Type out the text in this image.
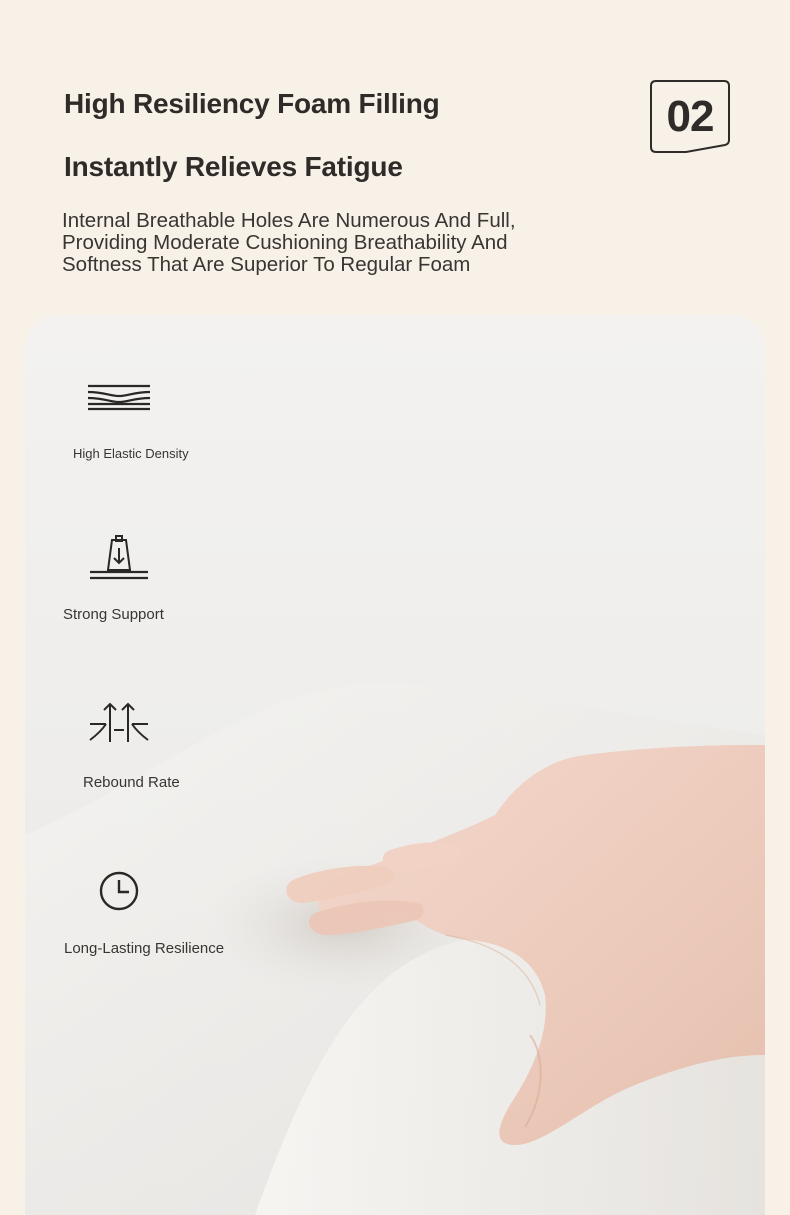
High Resiliency Foam Filling
Instantly Relieves Fatigue
Internal Breathable Holes Are Numerous And Full,
Providing Moderate Cushioning Breathability And
Softness That Are Superior To Regular Foam
02
High Elastic Density
Strong Support
Rebound Rate
Long-Lasting Resilience
